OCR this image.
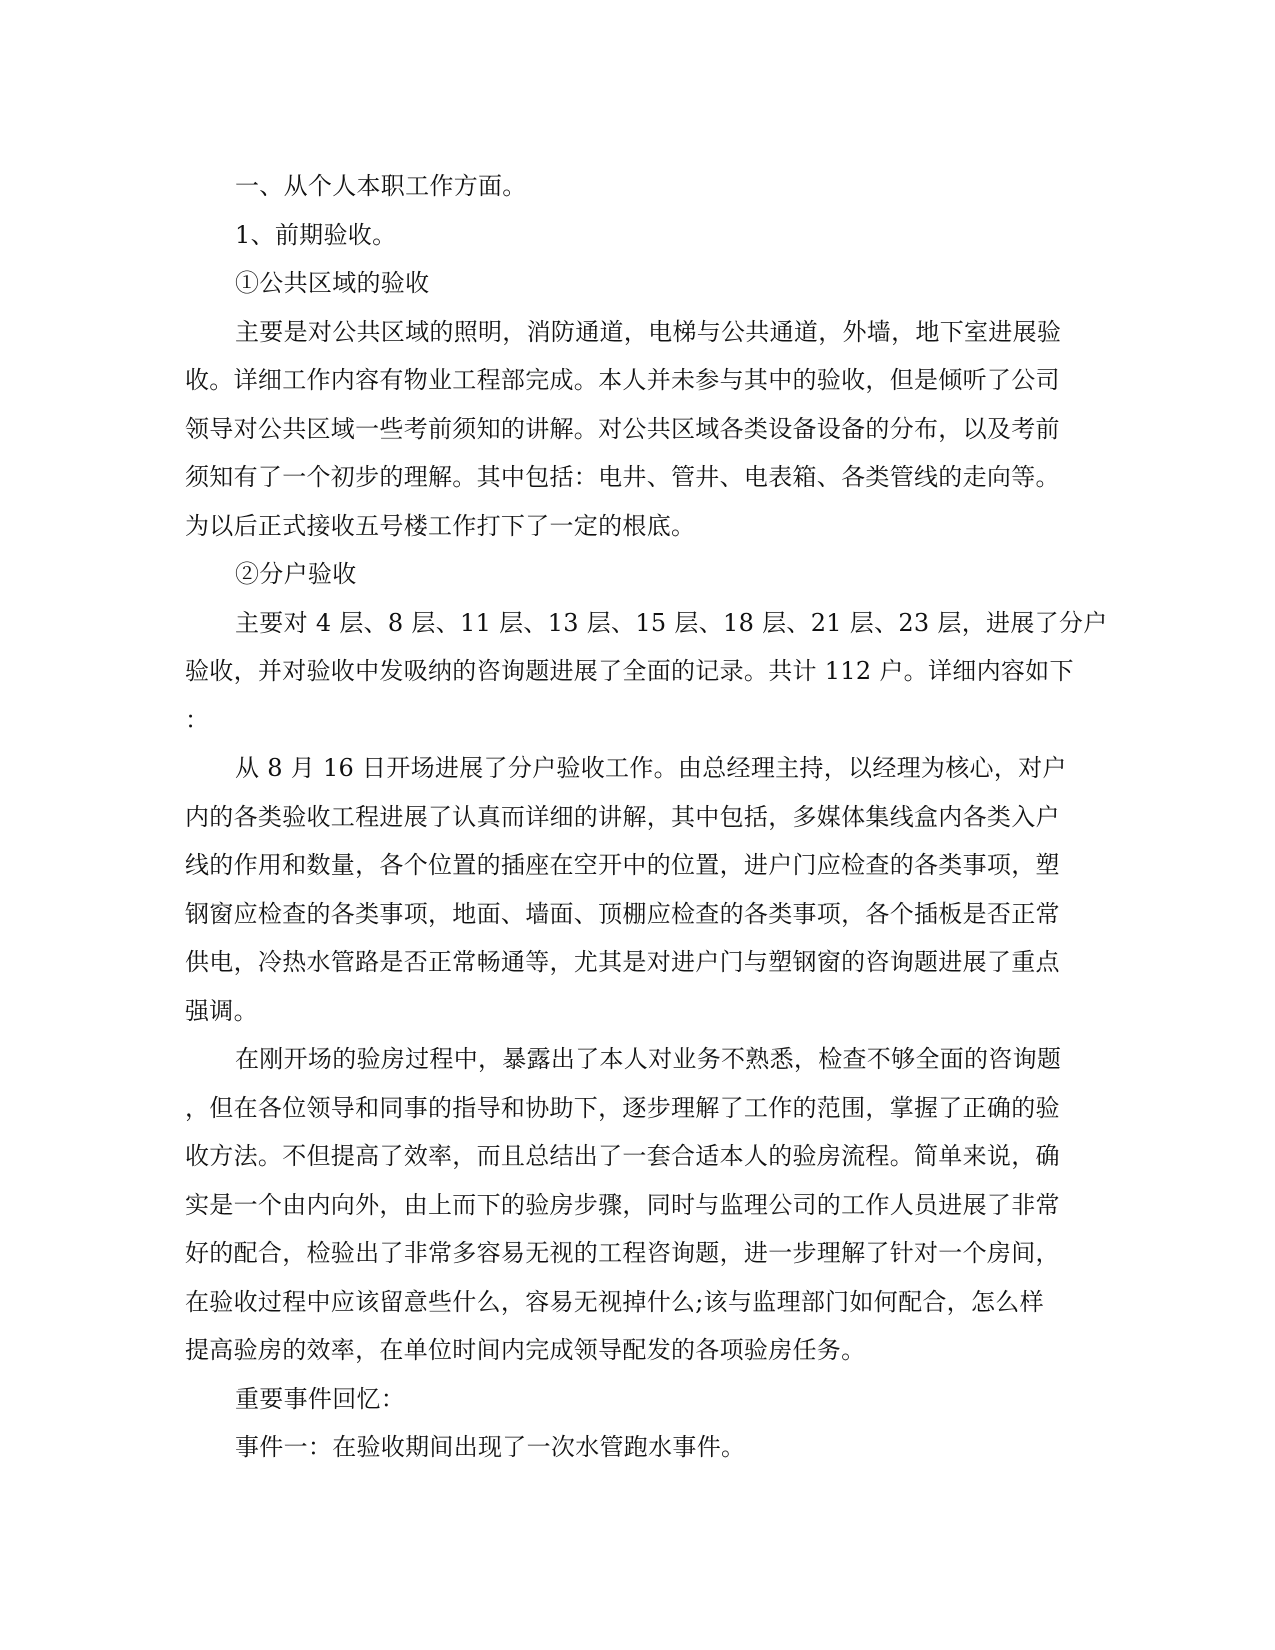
一、从个人本职工作方面。
1、前期验收。
①公共区域的验收
主要是对公共区域的照明，消防通道，电梯与公共通道，外墙，地下室进展验
收。详细工作内容有物业工程部完成。本人并未参与其中的验收，但是倾听了公司
领导对公共区域一些考前须知的讲解。对公共区域各类设备设备的分布，以及考前
须知有了一个初步的理解。其中包括：电井、管井、电表箱、各类管线的走向等。
为以后正式接收五号楼工作打下了一定的根底。
②分户验收
主要对 4 层、8 层、11 层、13 层、15 层、18 层、21 层、23 层，进展了分户
验收，并对验收中发吸纳的咨询题进展了全面的记录。共计 112 户。详细内容如下
：
从 8 月 16 日开场进展了分户验收工作。由总经理主持，以经理为核心，对户
内的各类验收工程进展了认真而详细的讲解，其中包括，多媒体集线盒内各类入户
线的作用和数量，各个位置的插座在空开中的位置，进户门应检查的各类事项，塑
钢窗应检查的各类事项，地面、墙面、顶棚应检查的各类事项，各个插板是否正常
供电，冷热水管路是否正常畅通等，尤其是对进户门与塑钢窗的咨询题进展了重点
强调。
在刚开场的验房过程中，暴露出了本人对业务不熟悉，检查不够全面的咨询题
，但在各位领导和同事的指导和协助下，逐步理解了工作的范围，掌握了正确的验
收方法。不但提高了效率，而且总结出了一套合适本人的验房流程。简单来说，确
实是一个由内向外，由上而下的验房步骤，同时与监理公司的工作人员进展了非常
好的配合，检验出了非常多容易无视的工程咨询题，进一步理解了针对一个房间，
在验收过程中应该留意些什么，容易无视掉什么;该与监理部门如何配合，怎么样
提高验房的效率，在单位时间内完成领导配发的各项验房任务。
重要事件回忆：
事件一：在验收期间出现了一次水管跑水事件。
